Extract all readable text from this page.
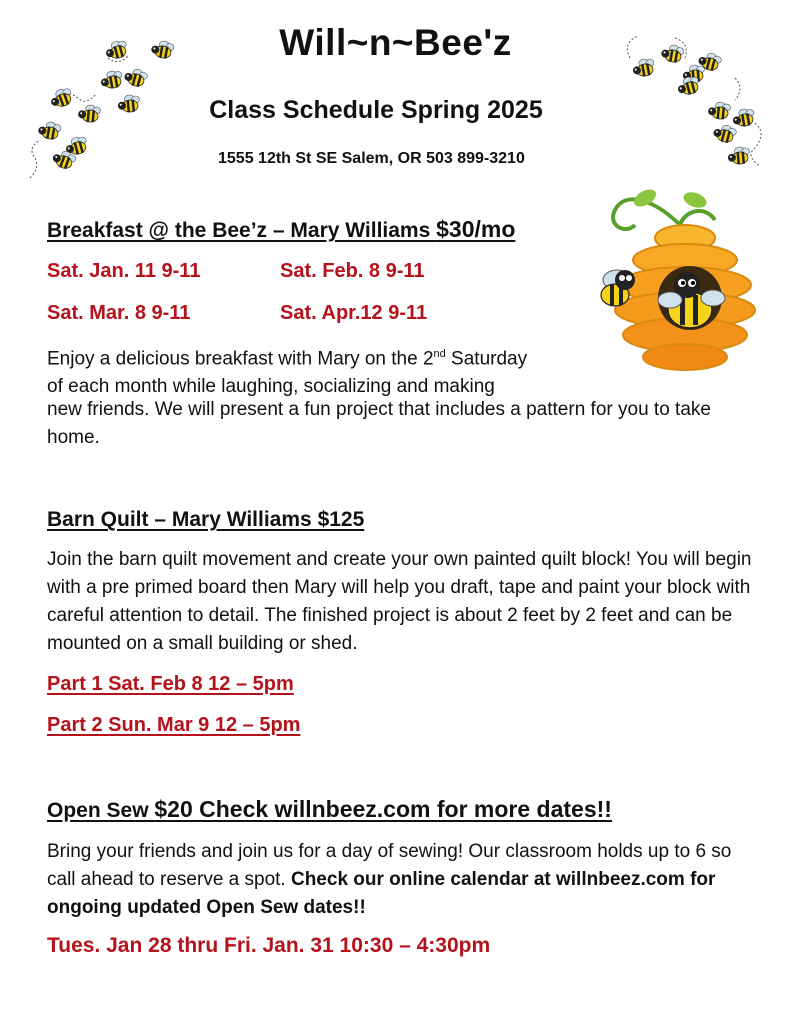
Will~n~Bee'z
Class Schedule Spring 2025
1555 12th St SE Salem, OR 503 899-3210
Breakfast @ the Bee’z – Mary Williams $30/mo
Sat. Jan. 11 9-11	Sat. Feb. 8 9-11
Sat. Mar. 8 9-11	Sat. Apr.12 9-11
Enjoy a delicious breakfast with Mary on the 2nd Saturday
of each month while laughing, socializing and making
new friends. We will present a fun project that includes a pattern for you to take home.
Barn Quilt – Mary Williams $125
Join the barn quilt movement and create your own painted quilt block! You will begin with a pre primed board then Mary will help you draft, tape and paint your block with careful attention to detail. The finished project is about 2 feet by 2 feet and can be mounted on a small building or shed.
Part 1 Sat. Feb 8 12 – 5pm
Part 2 Sun. Mar 9 12 – 5pm
Open Sew $20 Check willnbeez.com for more dates!!
Bring your friends and join us for a day of sewing! Our classroom holds up to 6 so call ahead to reserve a spot. Check our online calendar at willnbeez.com for ongoing updated Open Sew dates!!
Tues. Jan 28 thru Fri. Jan. 31 10:30 – 4:30pm
